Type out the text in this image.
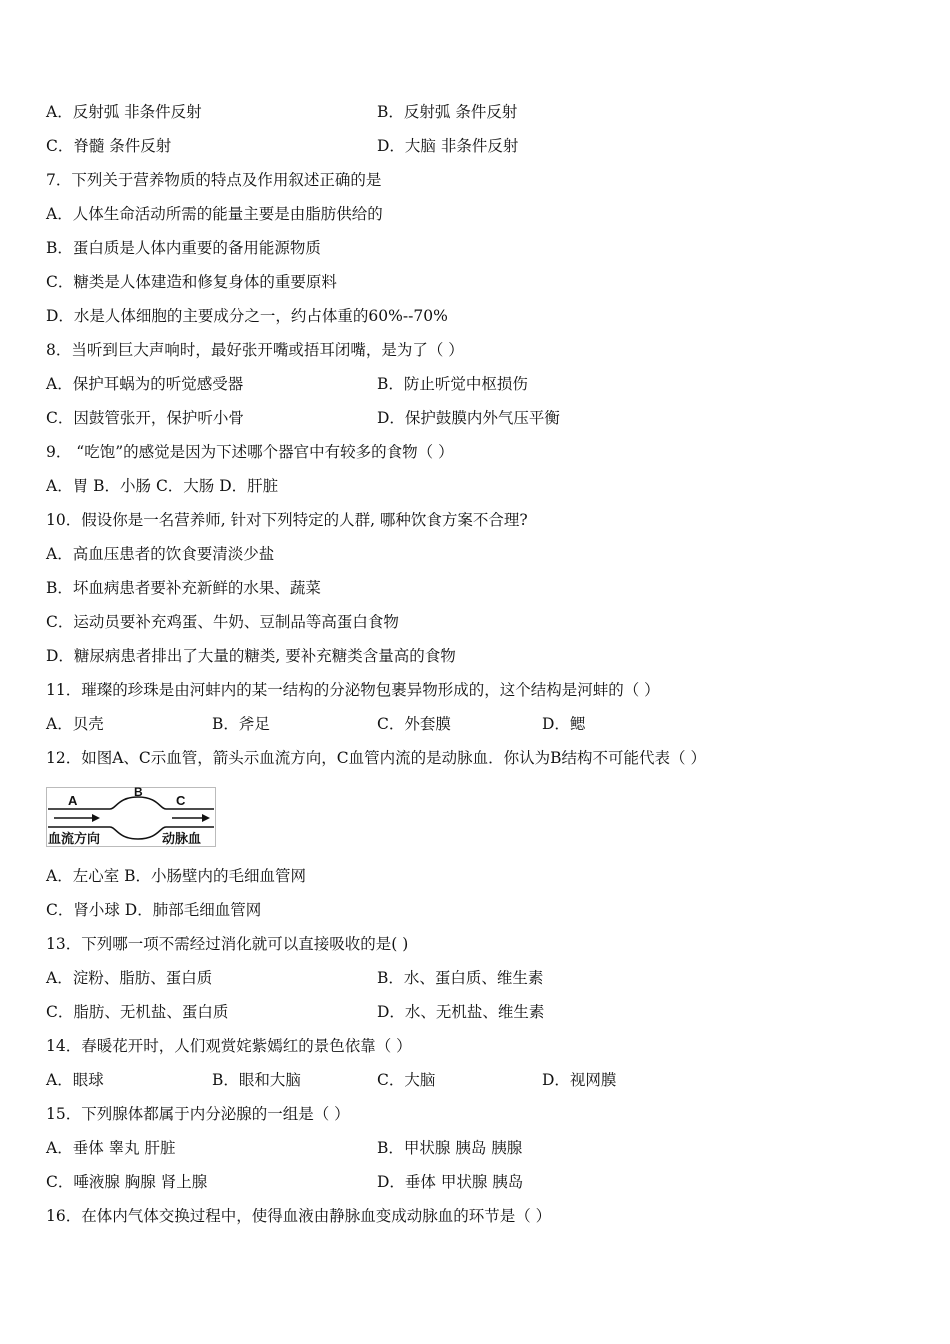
A．反射弧 非条件反射	B．反射弧 条件反射
C．脊髓 条件反射	D．大脑 非条件反射
7．下列关于营养物质的特点及作用叙述正确的是
A．人体生命活动所需的能量主要是由脂肪供给的
B．蛋白质是人体内重要的备用能源物质
C．糖类是人体建造和修复身体的重要原料
D．水是人体细胞的主要成分之一，约占体重的60%--70%
8．当听到巨大声响时，最好张开嘴或捂耳闭嘴，是为了（ ）
A．保护耳蜗为的听觉感受器	B．防止听觉中枢损伤
C．因鼓管张开，保护听小骨	D．保护鼓膜内外气压平衡
9． “吃饱”的感觉是因为下述哪个器官中有较多的食物（ ）
A．胃 B．小肠 C．大肠 D．肝脏
10．假设你是一名营养师, 针对下列特定的人群, 哪种饮食方案不合理?
A．高血压患者的饮食要清淡少盐
B．坏血病患者要补充新鲜的水果、蔬菜
C．运动员要补充鸡蛋、牛奶、豆制品等高蛋白食物
D．糖尿病患者排出了大量的糖类, 要补充糖类含量高的食物
11．璀璨的珍珠是由河蚌内的某一结构的分泌物包裹异物形成的，这个结构是河蚌的（ ）
A．贝壳	B．斧足	C．外套膜	D．鳃
12．如图A、C示血管，箭头示血流方向，C血管内流的是动脉血．你认为B结构不可能代表（ ）
A
B
C
血流方向	动脉血
A．左心室 B．小肠壁内的毛细血管网
C．肾小球 D．肺部毛细血管网
13．下列哪一项不需经过消化就可以直接吸收的是( )
A．淀粉、脂肪、蛋白质	B．水、蛋白质、维生素
C．脂肪、无机盐、蛋白质	D．水、无机盐、维生素
14．春暖花开时，人们观赏姹紫嫣红的景色依靠（ ）
A．眼球	B．眼和大脑	C．大脑	D．视网膜
15．下列腺体都属于内分泌腺的一组是（ ）
A．垂体 睾丸 肝脏	B．甲状腺 胰岛 胰腺
C．唾液腺 胸腺 肾上腺	D．垂体 甲状腺 胰岛
16．在体内气体交换过程中，使得血液由静脉血变成动脉血的环节是（ ）
